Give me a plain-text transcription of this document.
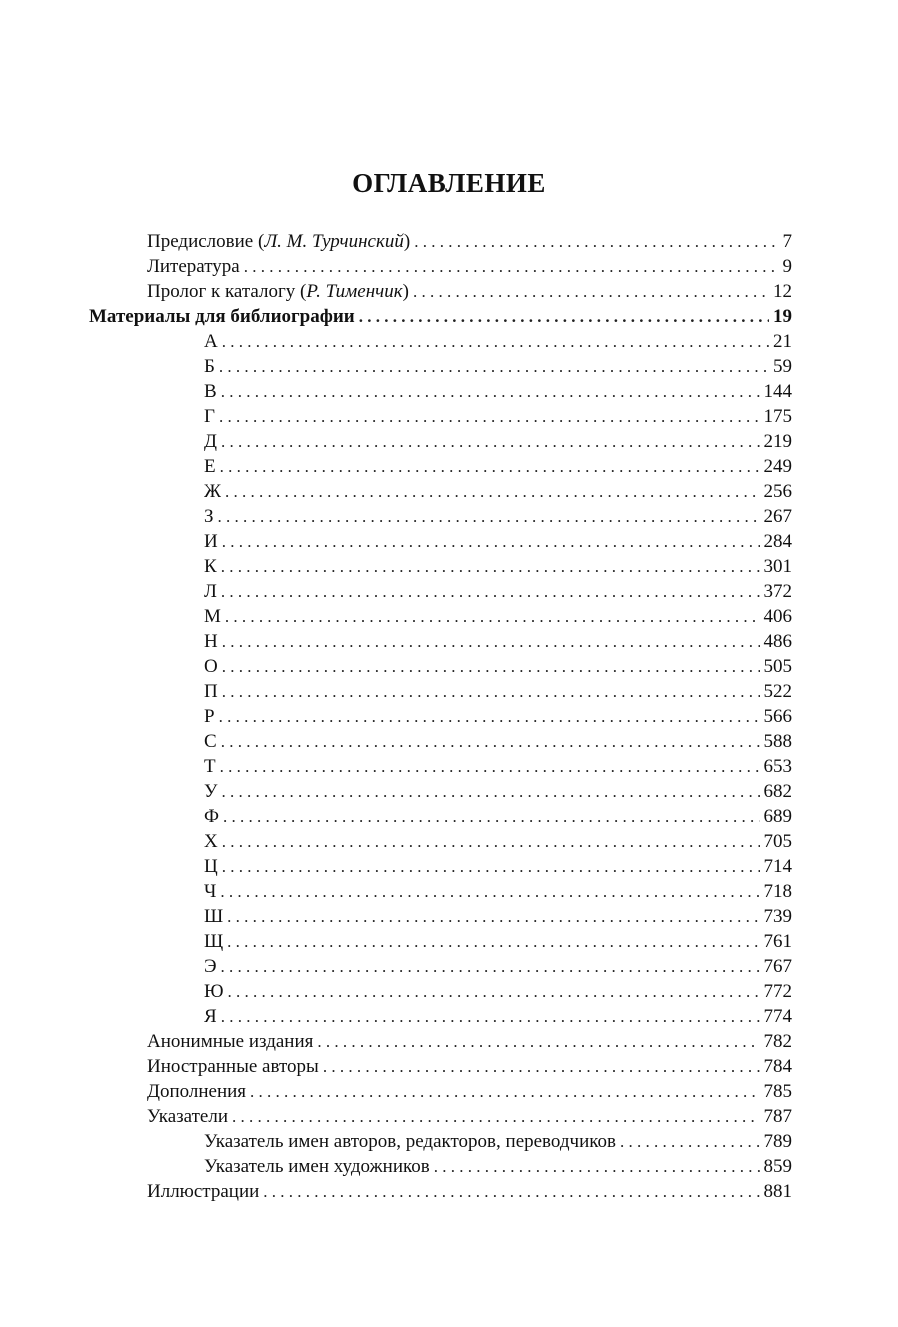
ОГЛАВЛЕНИЕ
Предисловие (Л. М. Турчинский) . . .	7
Литература . . .	9
Пролог к каталогу (Р. Тименчик) . . .	12
Материалы для библиографии . . .	19
А . . .	21
Б . . .	59
В . . .	144
Г . . .	175
Д . . .	219
Е . . .	249
Ж . . .	256
З . . .	267
И . . .	284
К . . .	301
Л . . .	372
М . . .	406
Н . . .	486
О . . .	505
П . . .	522
Р . . .	566
С . . .	588
Т . . .	653
У . . .	682
Ф . . .	689
Х . . .	705
Ц . . .	714
Ч . . .	718
Ш . . .	739
Щ . . .	761
Э . . .	767
Ю . . .	772
Я . . .	774
Анонимные издания . . .	782
Иностранные авторы . . .	784
Дополнения . . .	785
Указатели . . .	787
Указатель имен авторов, редакторов, переводчиков . . .	789
Указатель имен художников . . .	859
Иллюстрации . . .	881
